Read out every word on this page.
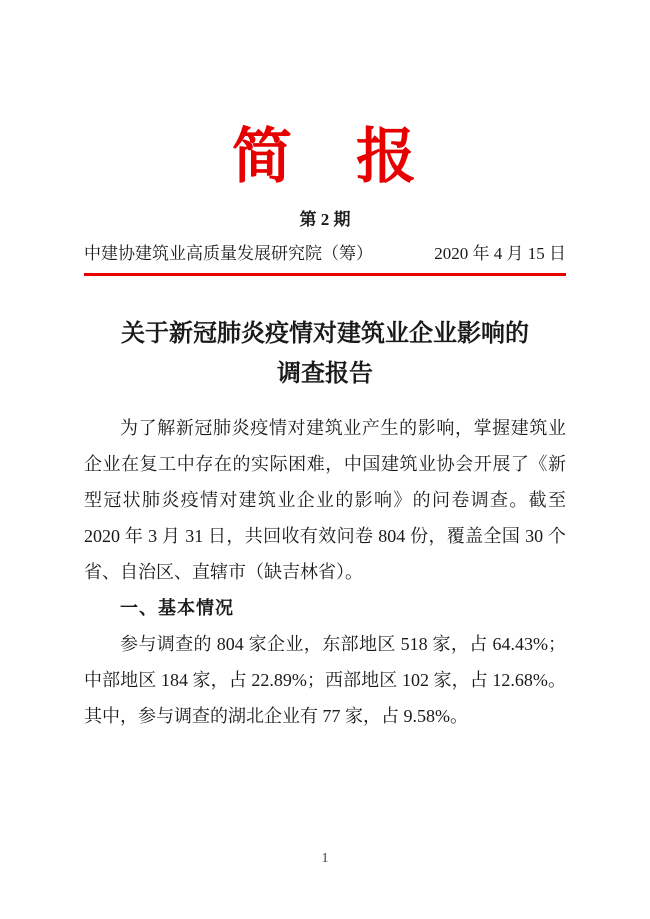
简　报
第 2 期
中建协建筑业高质量发展研究院（筹）	2020 年 4 月 15 日
关于新冠肺炎疫情对建筑业企业影响的
调查报告

为了解新冠肺炎疫情对建筑业产生的影响，掌握建筑业企业在复工中存在的实际困难，中国建筑业协会开展了《新型冠状肺炎疫情对建筑业企业的影响》的问卷调查。截至 2020 年 3 月 31 日，共回收有效问卷 804 份，覆盖全国 30 个省、自治区、直辖市（缺吉林省）。

一、基本情况

参与调查的 804 家企业，东部地区 518 家，占 64.43%；中部地区 184 家，占 22.89%；西部地区 102 家，占 12.68%。其中，参与调查的湖北企业有 77 家，占 9.58%。

1
